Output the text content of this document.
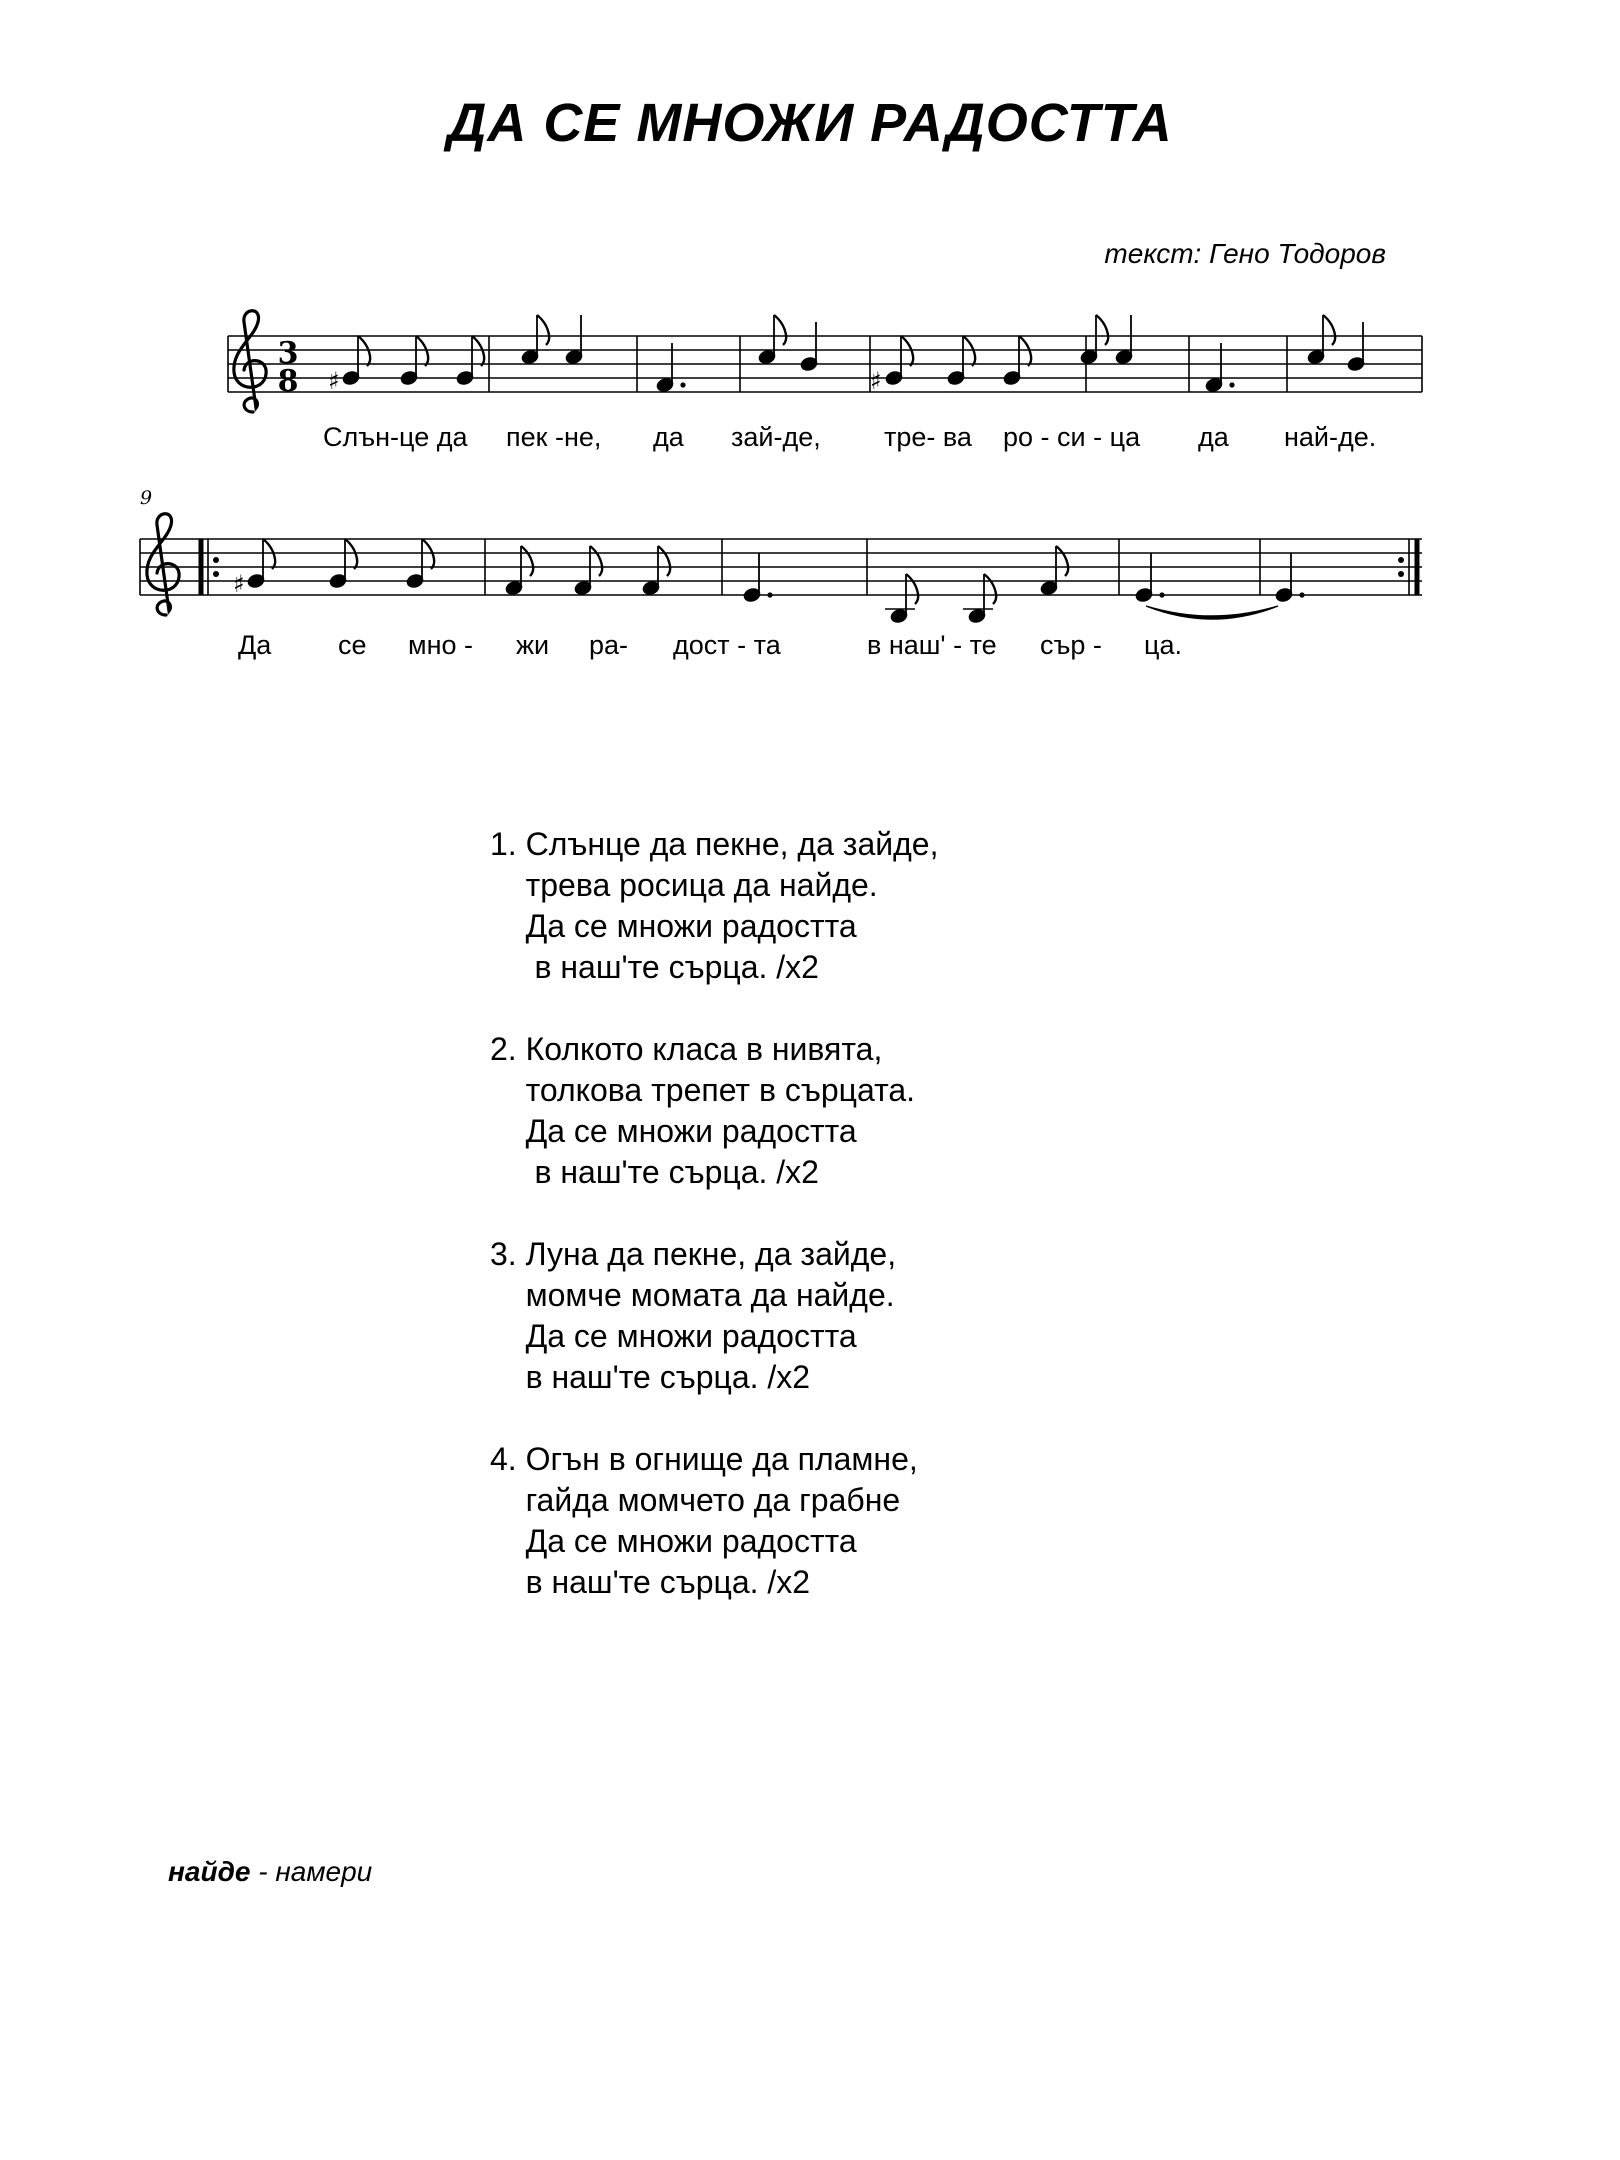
ДА СЕ МНОЖИ РАДОСТТА
текст: Гено Тодоров
3
8 ♯	♯
Слън-це да пек -не, да зай-де, тре- ва ро - си - ца да най-де.
9
♯
Да се мно - жи ра- дост - та	в наш' - те сър - ца.
1. Слънце да пекне, да зайде,
трева росица да найде.
Да се множи радостта
в наш'те сърца. /x2
2. Колкото класа в нивята,
толкова трепет в сърцата.
Да се множи радостта
в наш'те сърца. /x2
3. Луна да пекне, да зайде,
момче момата да найде.
Да се множи радостта
в наш'те сърца. /x2
4. Огън в огнище да пламне,
гайда момчето да грабне
Да се множи радостта
в наш'те сърца. /x2
найде - намери
